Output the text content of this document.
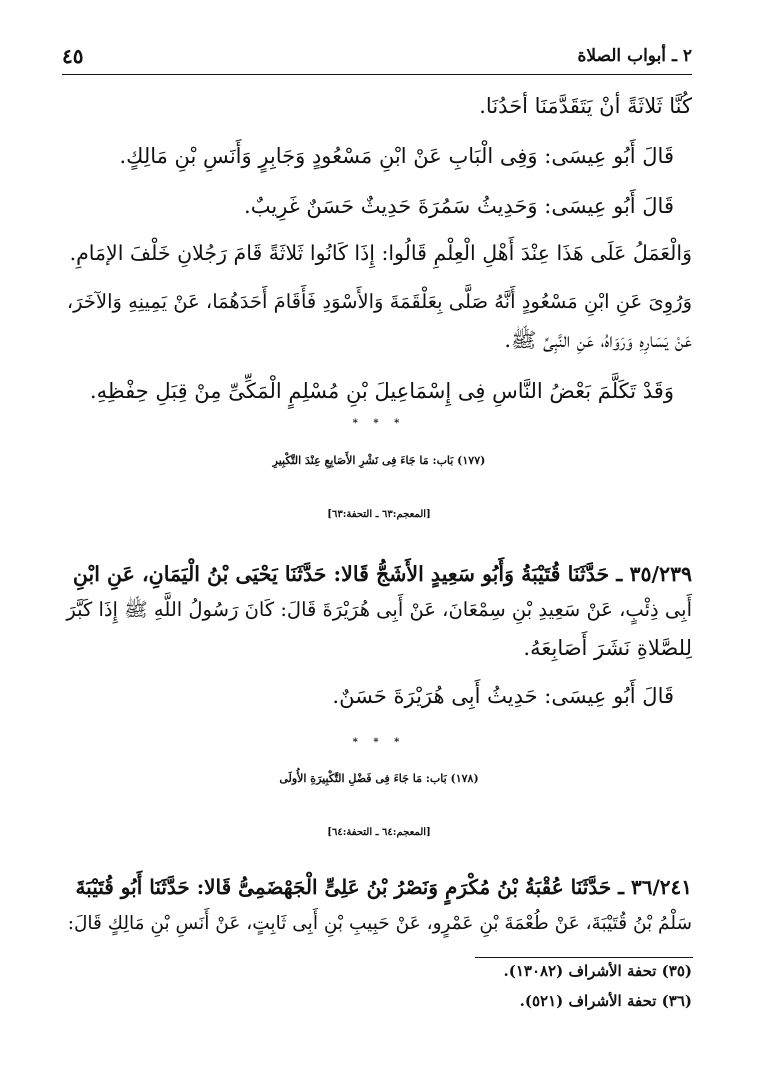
٢ ـ أبواب الصلاة
٤٥
كُنَّا ثَلاثَةً أنْ يَتَقَدَّمَنَا أحَدُنَا.
قَالَ أَبُو عِيسَى: وَفِى الْبَابِ عَنْ ابْنِ مَسْعُودٍ وَجَابِرٍ وَأَنَسِ بْنِ مَالِكٍ.
قَالَ أَبُو عِيسَى: وَحَدِيثُ سَمُرَةَ حَدِيثٌ حَسَنٌ غَرِيبٌ.
وَالْعَمَلُ عَلَى هَذَا عِنْدَ أَهْلِ الْعِلْمِ قَالُوا: إِذَا كَانُوا ثَلاثَةً قَامَ رَجُلانِ خَلْفَ الإمَامِ.
وَرُوِىَ عَنِ ابْنِ مَسْعُودٍ أَنَّهُ صَلَّى بِعَلْقَمَةَ وَالأَسْوَدِ فَأَقَامَ أَحَدَهُمَا، عَنْ يَمِينِهِ وَالآخَرَ،
عَنْ يَسَارِهِ وَرَوَاهُ، عَنِ النَّبِىِّ ﷺ.
وَقَدْ تَكَلَّمَ بَعْضُ النَّاسِ فِى إِسْمَاعِيلَ بْنِ مُسْلِمٍ الْمَكِّىِّ مِنْ قِبَلِ حِفْظِهِ.
* * *
(١٧٧) بَاب: مَا جَاءَ فِى نَشْرِ الأَصَابِعِ عِنْدَ التَّكْبِيرِ
[المعجم:٦٣ ـ التحفة:٦٣]
٣٥/٢٣٩ ـ حَدَّثَنَا قُتَيْبَةُ وَأَبُو سَعِيدٍ الأَشَجُّ قَالا: حَدَّثَنَا يَحْيَى بْنُ الْيَمَانِ، عَنِ ابْنِ
أَبِى ذِئْبٍ، عَنْ سَعِيدِ بْنِ سِمْعَانَ، عَنْ أَبِى هُرَيْرَةَ قَالَ: كَانَ رَسُولُ اللَّهِ ﷺ إِذَا كَبَّرَ
لِلصَّلاةِ نَشَرَ أَصَابِعَهُ.
قَالَ أَبُو عِيسَى: حَدِيثُ أَبِى هُرَيْرَةَ حَسَنٌ.
* * *
(١٧٨) بَاب: مَا جَاءَ فِى فَضْلِ التَّكْبِيرَةِ الأُولَى
[المعجم:٦٤ ـ التحفة:٦٤]
٣٦/٢٤١ ـ حَدَّثَنَا عُقْبَةُ بْنُ مُكْرَمٍ وَنَصْرُ بْنُ عَلِىٍّ الْجَهْضَمِىُّ قَالا: حَدَّثَنَا أَبُو قُتَيْبَةَ
سَلْمُ بْنُ قُتَيْبَةَ، عَنْ طُعْمَةَ بْنِ عَمْرٍو، عَنْ حَبِيبِ بْنِ أَبِى ثَابِتٍ، عَنْ أَنَسِ بْنِ مَالِكٍ قَالَ:
(٣٥) تحفة الأشراف (١٣٠٨٢).
(٣٦) تحفة الأشراف (٥٢١).
